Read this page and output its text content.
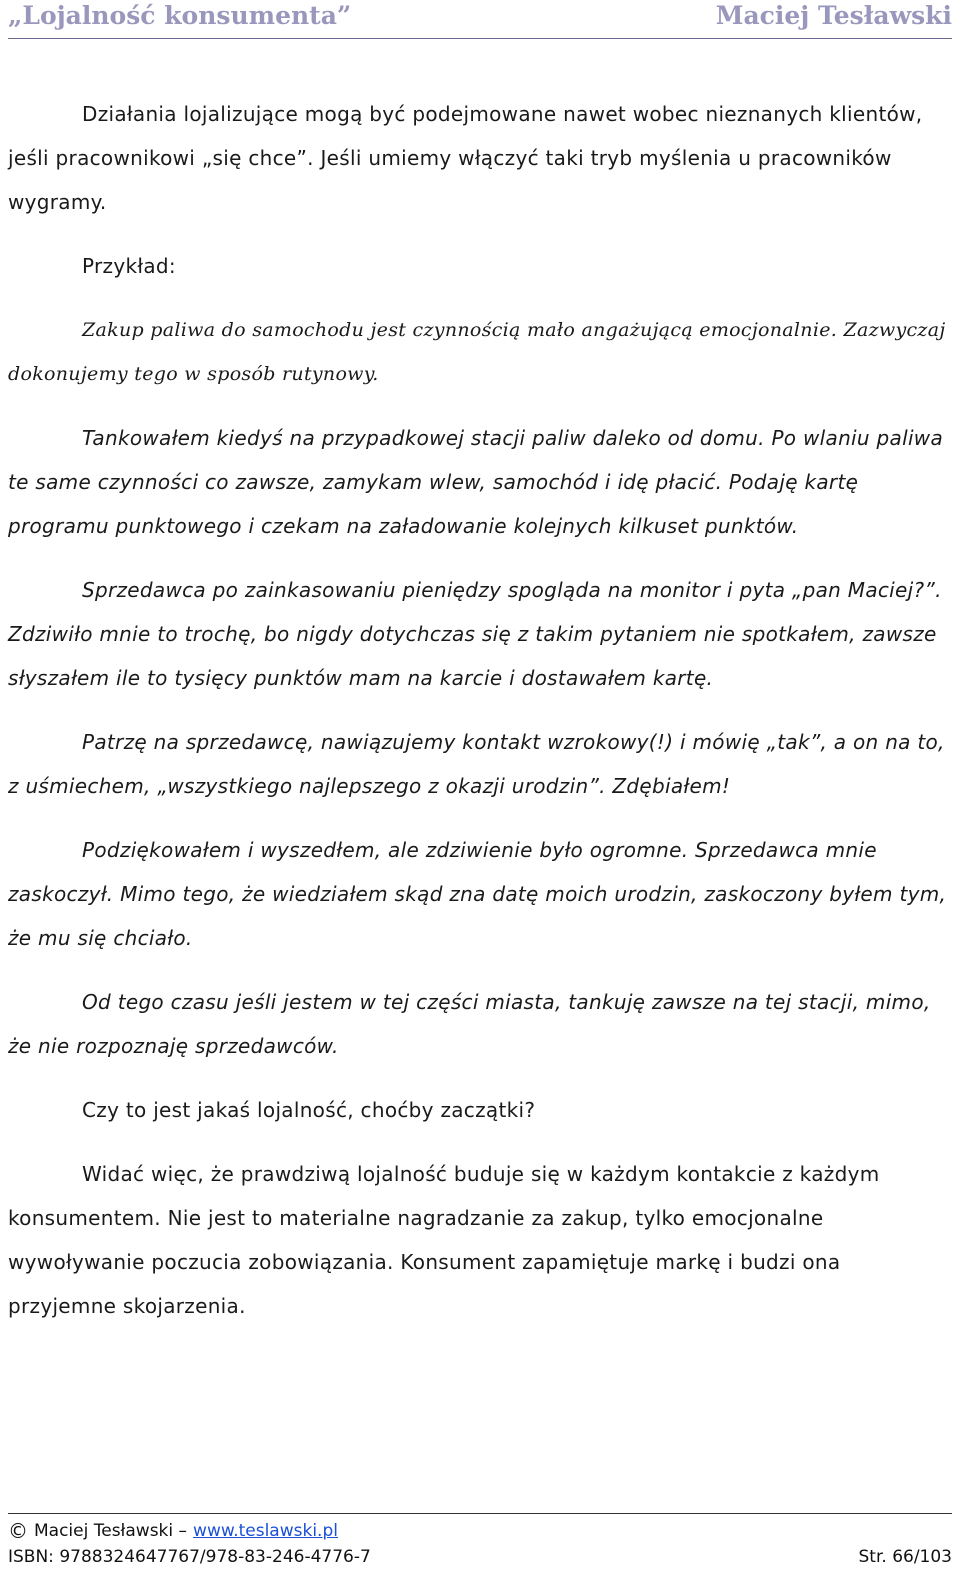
„Lojalność konsumenta”	Maciej Tesławski

Działania lojalizujące mogą być podejmowane nawet wobec nieznanych klientów, jeśli pracownikowi „się chce”. Jeśli umiemy włączyć taki tryb myślenia u pracowników wygramy.

Przykład:

Zakup paliwa do samochodu jest czynnością mało angażującą emocjonalnie. Zazwyczaj dokonujemy tego w sposób rutynowy.

Tankowałem kiedyś na przypadkowej stacji paliw daleko od domu. Po wlaniu paliwa te same czynności co zawsze, zamykam wlew, samochód i idę płacić. Podaję kartę programu punktowego i czekam na załadowanie kolejnych kilkuset punktów.

Sprzedawca po zainkasowaniu pieniędzy spogląda na monitor i pyta „pan Maciej?”. Zdziwiło mnie to trochę, bo nigdy dotychczas się z takim pytaniem nie spotkałem, zawsze słyszałem ile to tysięcy punktów mam na karcie i dostawałem kartę.

Patrzę na sprzedawcę, nawiązujemy kontakt wzrokowy(!) i mówię „tak”, a on na to, z uśmiechem, „wszystkiego najlepszego z okazji urodzin”. Zdębiałem!

Podziękowałem i wyszedłem, ale zdziwienie było ogromne. Sprzedawca mnie zaskoczył. Mimo tego, że wiedziałem skąd zna datę moich urodzin, zaskoczony byłem tym, że mu się chciało.

Od tego czasu jeśli jestem w tej części miasta, tankuję zawsze na tej stacji, mimo, że nie rozpoznaję sprzedawców.

Czy to jest jakaś lojalność, choćby zaczątki?

Widać więc, że prawdziwą lojalność buduje się w każdym kontakcie z każdym konsumentem. Nie jest to materialne nagradzanie za zakup, tylko emocjonalne wywoływanie poczucia zobowiązania. Konsument zapamiętuje markę i budzi ona przyjemne skojarzenia.

© Maciej Tesławski – www.teslawski.pl
ISBN: 9788324647767/978-83-246-4776-7	Str. 66/103
